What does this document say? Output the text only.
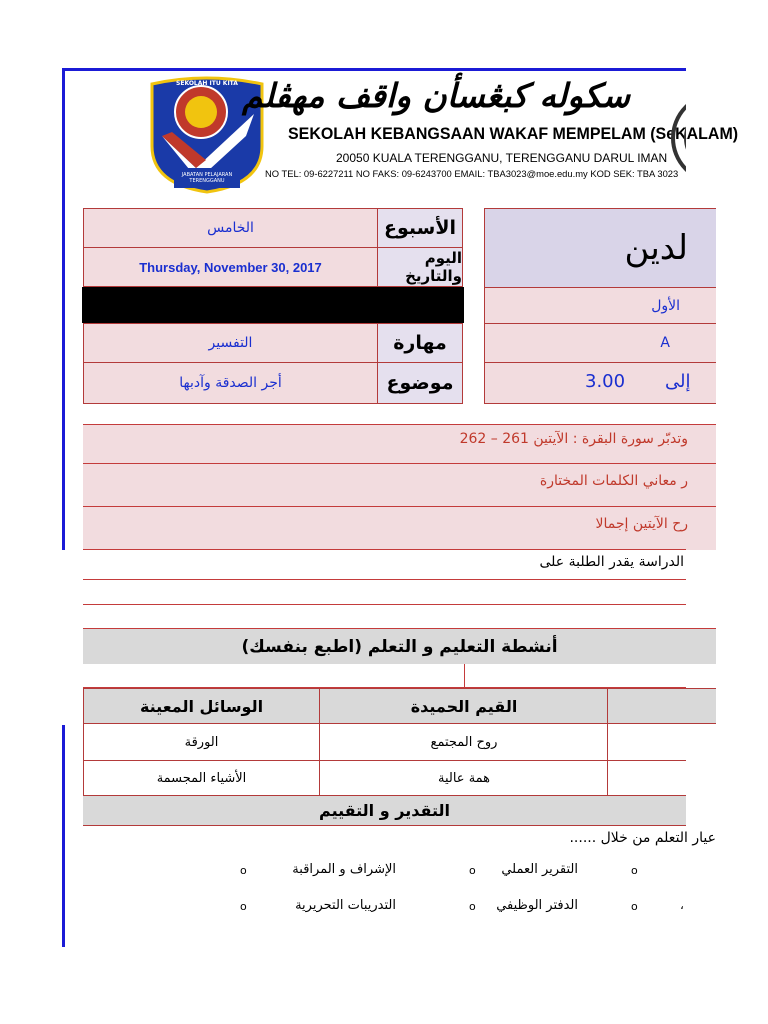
SEKOLAH ITU KITA
JABATAN PELAJARAN TERENGGANU
سكوله كبڠسأن واقف مهڤلم
SEKOLAH KEBANGSAAN WAKAF MEMPELAM (SeKALAM)
20050 KUALA TERENGGANU, TERENGGANU DARUL IMAN
NO TEL: 09-6227211 NO FAKS: 09-6243700 EMAIL: TBA3023@moe.edu.my KOD SEK: TBA 3023
الخامس	الأسبوع
Thursday, November 30, 2017	اليوم والتاريخ
التفسير	مهارة
أجر الصدقة وآدبها	موضوع
لدين
الأول
A
3.00 إلى
وتدبّر سورة البقرة : الآيتين 261 – 262
ر معاني الكلمات المختارة
رح الآيتين إجمالا
الدراسة يقدر الطلبة على
أنشطة التعليم و التعلم (اطبع بنفسك)
الوسائل المعينة	القيم الحميدة
الورقة	روح المجتمع
الأشياء المجسمة	همة عالية
التقدير و التقييم
عيار التعلم من خلال ......
o
التقرير العملي
o
الإشراف و المراقبة
o
،
o
الدفتر الوظيفي
o
التدريبات التحريرية
o
